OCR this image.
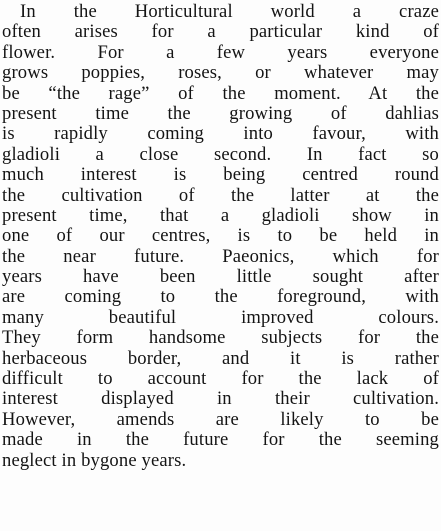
In the Horticultural world a craze
often arises for a particular kind of
flower. For a few years everyone
grows poppies, roses, or whatever may
be “the rage” of the moment. At the
present time the growing of dahlias
is rapidly coming into favour, with
gladioli a close second. In fact so
much interest is being centred round
the cultivation of the latter at the
present time, that a gladioli show in
one of our centres, is to be held in
the near future. Paeonics, which for
years have been little sought after
are coming to the foreground, with
many beautiful improved colours.
They form handsome subjects for the
herbaceous border, and it is rather
difficult to account for the lack of
interest displayed in their cultivation.
However, amends are likely to be
made in the future for the seeming
neglect in bygone years.
